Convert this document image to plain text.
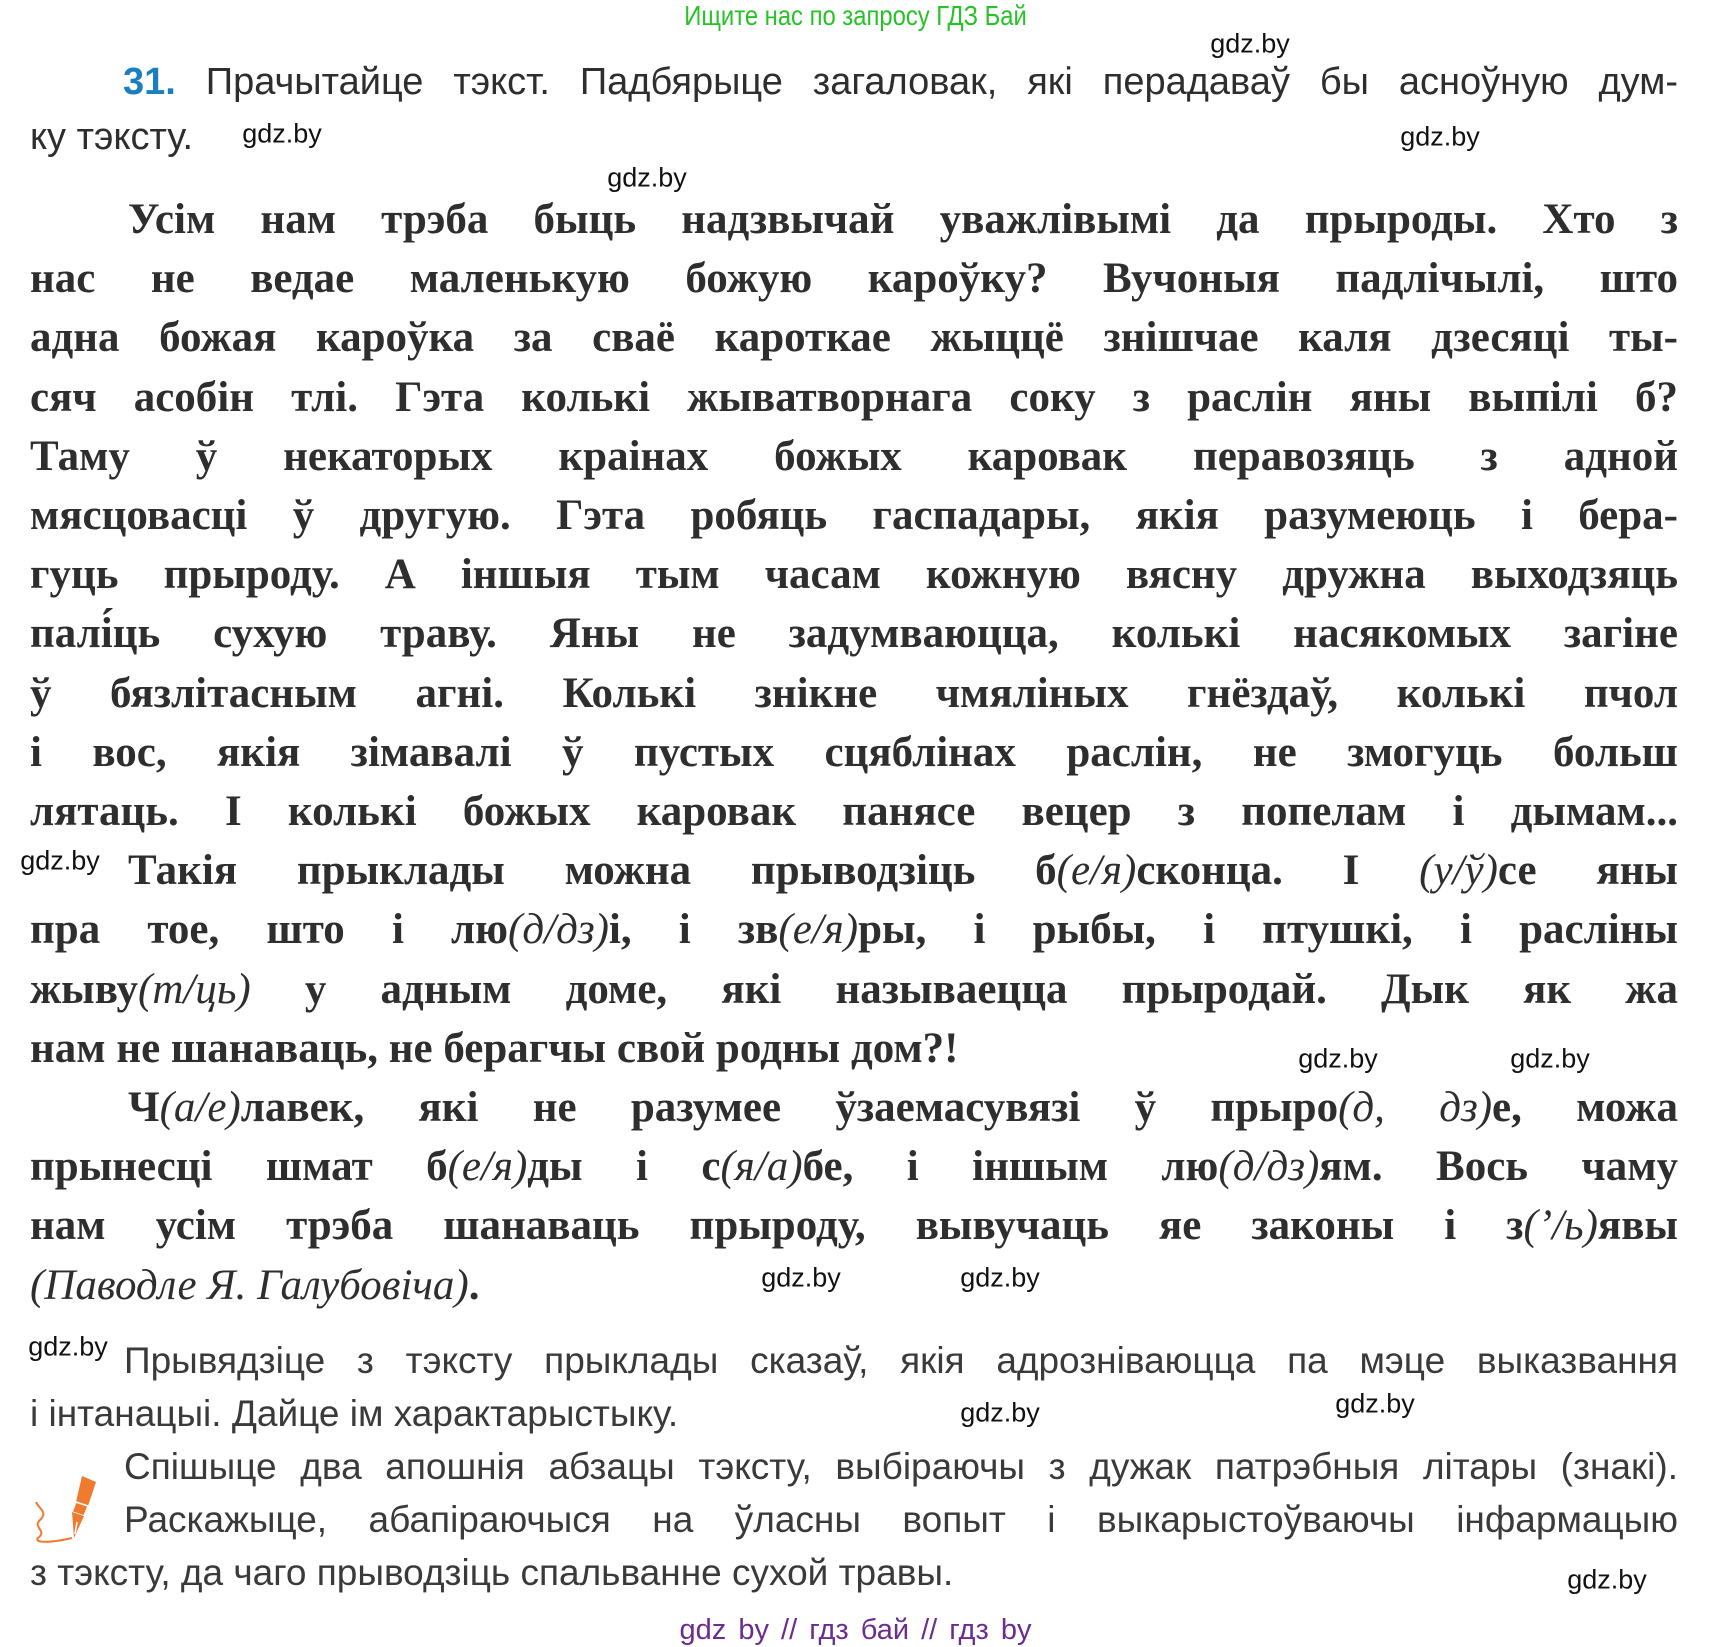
Ищите нас по запросу ГДЗ Бай
31. Прачытайце тэкст. Падбярыце загаловак, які перадаваў бы асноўную дум-
ку тэксту.
Усім нам трэба быць надзвычай уважлівымі да прыроды. Хто з
нас не ведае маленькую божую кароўку? Вучоныя падлічылі, што
адна божая кароўка за сваё кароткае жыццё знішчае каля дзесяці ты-
сяч асобін тлі. Гэта колькі жыватворнага соку з раслін яны выпілі б?
Таму ў некаторых краінах божых каровак перавозяць з адной
мясцовасці ў другую. Гэта робяць гаспадары, якія разумеюць і бера-
гуць прыроду. А іншыя тым часам кожную вясну дружна выходзяць
палі́ць сухую траву. Яны не задумваюцца, колькі насякомых загіне
ў бязлітасным агні. Колькі знікне чмяліных гнёздаў, колькі пчол
і вос, якія зімавалі ў пустых сцяблінах раслін, не змогуць больш
лятаць. І колькі божых каровак панясе вецер з попелам і дымам...
Такія прыклады можна прыводзіць б(е/я)сконца. І (у/ў)се яны
пра тое, што і лю(д/дз)і, і зв(е/я)ры, і рыбы, і птушкі, і расліны
жыву(т/ць) у адным доме, які называецца прыродай. Дык як жа
нам не шанаваць, не берагчы свой родны дом?!
Ч(а/е)лавек, які не разумее ўзаемасувязі ў прыро(д, дз)е, можа
прынесці шмат б(е/я)ды і с(я/а)бе, і іншым лю(д/дз)ям. Вось чаму
нам усім трэба шанаваць прыроду, вывучаць яе законы і з(’/ь)явы
(Паводле Я. Галубовіча).
Прывядзіце з тэксту прыклады сказаў, якія адрозніваюцца па мэце выказвання
і інтанацыі. Дайце ім характарыстыку.
Спішыце два апошнія абзацы тэксту, выбіраючы з дужак патрэбныя літары (знакі).
Раскажыце, абапіраючыся на ўласны вопыт і выкарыстоўваючы інфармацыю
з тэксту, да чаго прыводзіць спальванне сухой травы.
gdz.by
gdz.by
gdz.by
gdz.by
gdz.by
gdz.by
gdz.by
gdz.by	gdz.by
gdz.by
gdz.by
gdz.by
gdz.by
gdz by // гдз бай // гдз by
